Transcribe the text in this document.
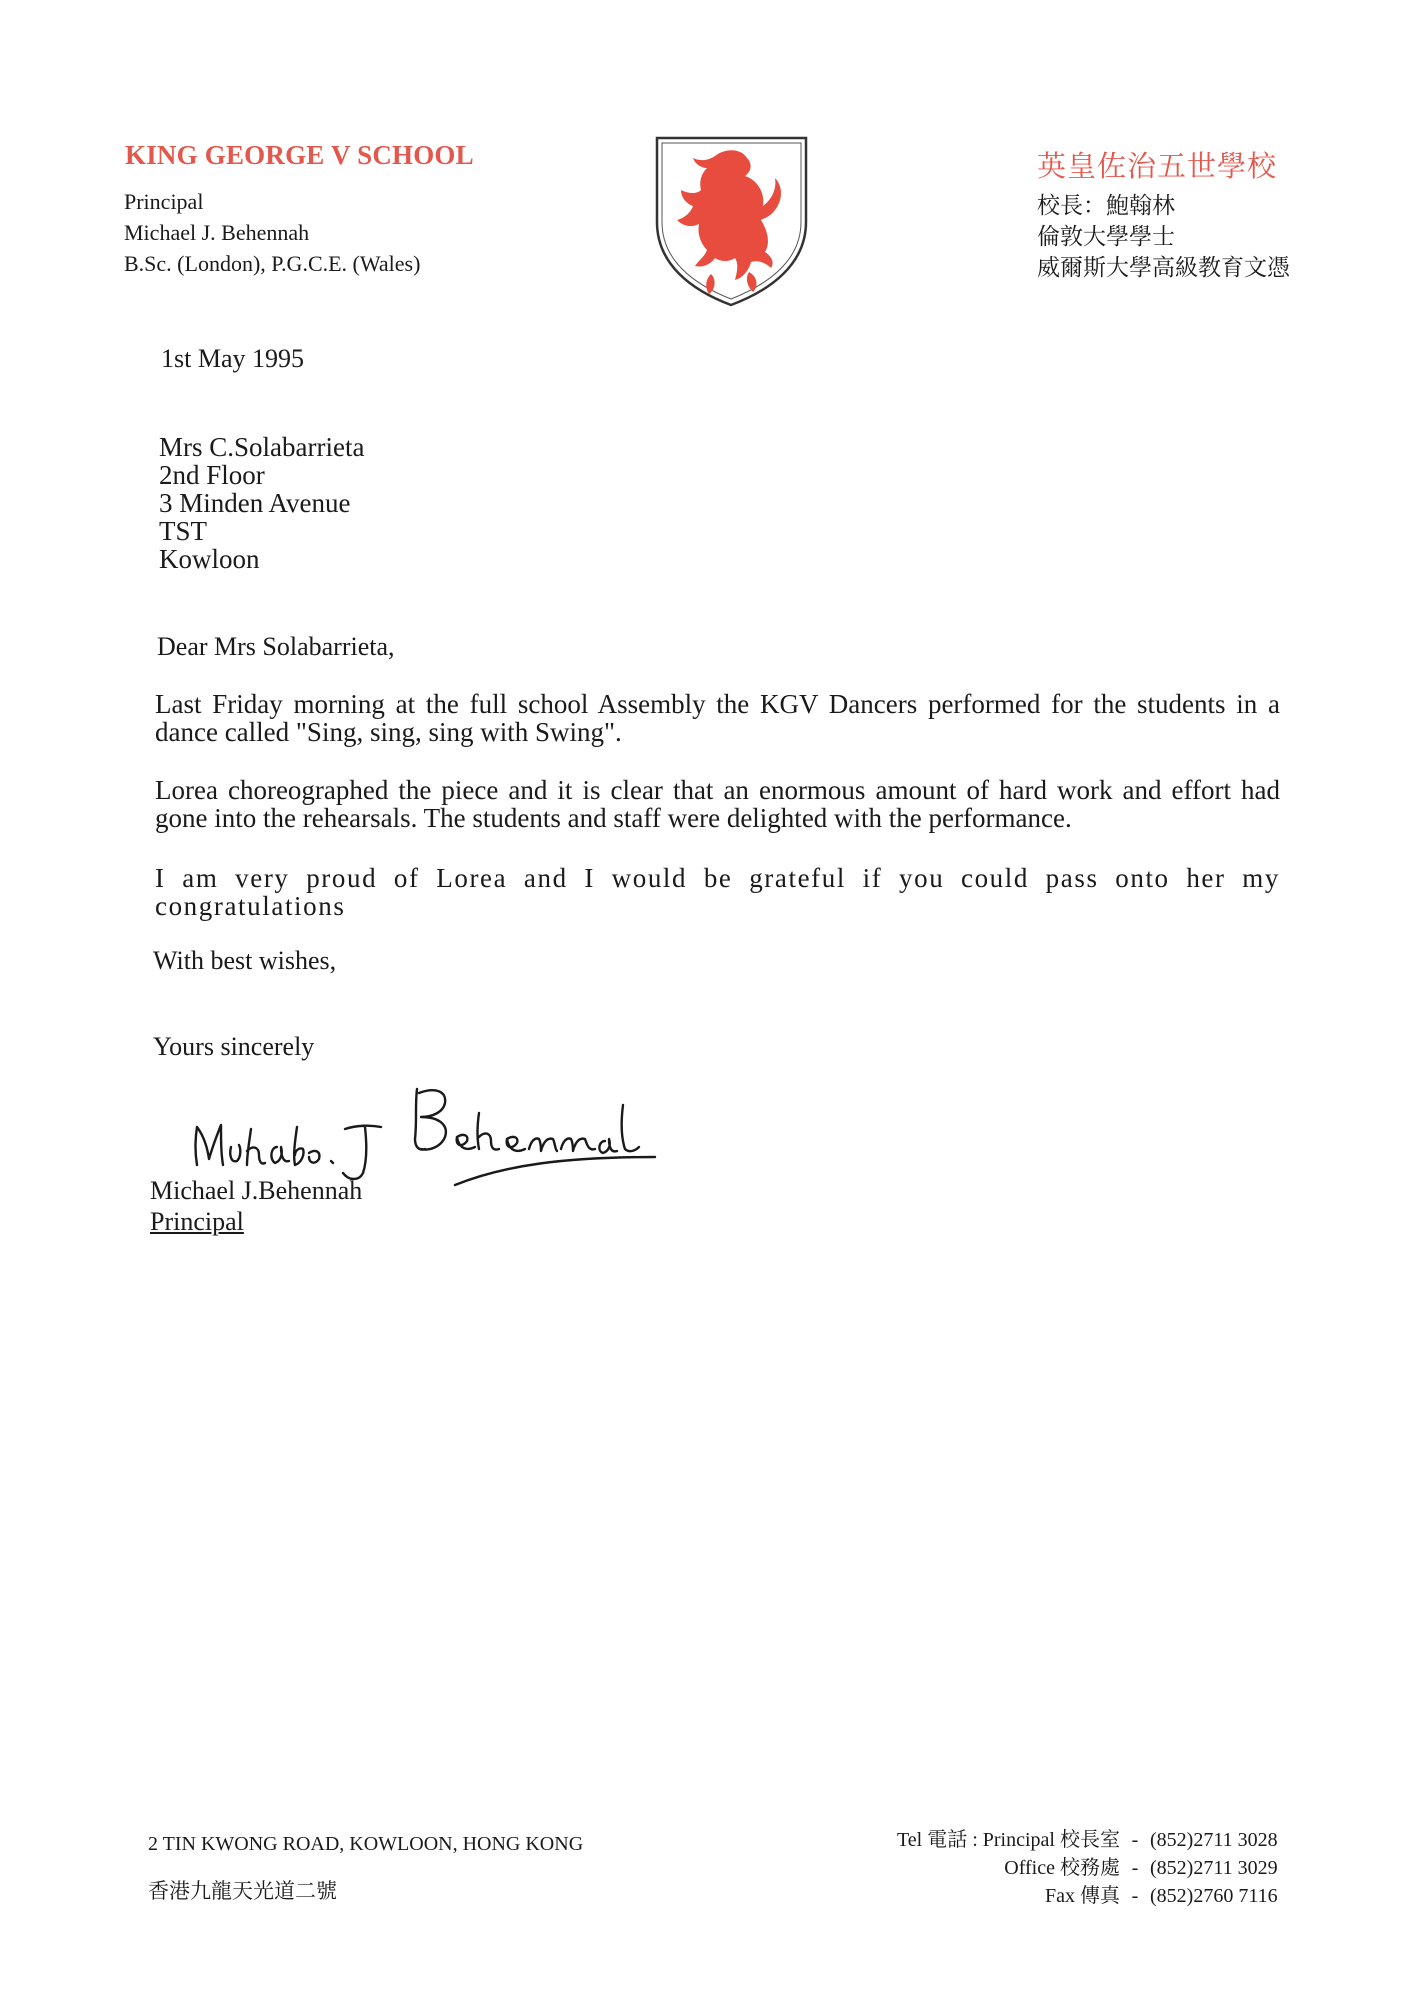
KING GEORGE V SCHOOL
Principal
Michael J. Behennah
B.Sc. (London), P.G.C.E. (Wales)
英皇佐治五世學校
校長：鮑翰林
倫敦大學學士
威爾斯大學高級教育文憑
1st May 1995
Mrs C.Solabarrieta
2nd Floor
3 Minden Avenue
TST
Kowloon
Dear Mrs Solabarrieta,
Last Friday morning at the full school Assembly the KGV Dancers performed for the students in a dance called "Sing, sing, sing with Swing".
Lorea choreographed the piece and it is clear that an enormous amount of hard work and effort had gone into the rehearsals. The students and staff were delighted with the performance.
I am very proud of Lorea and I would be grateful if you could pass onto her my congratulations
With best wishes,
Yours sincerely
Michael J.Behennah
Principal
2 TIN KWONG ROAD, KOWLOON, HONG KONG
香港九龍天光道二號
Tel 電話 : Principal 校長室 - (852)2711 3028
Office 校務處 - (852)2711 3029
Fax 傳真 - (852)2760 7116
